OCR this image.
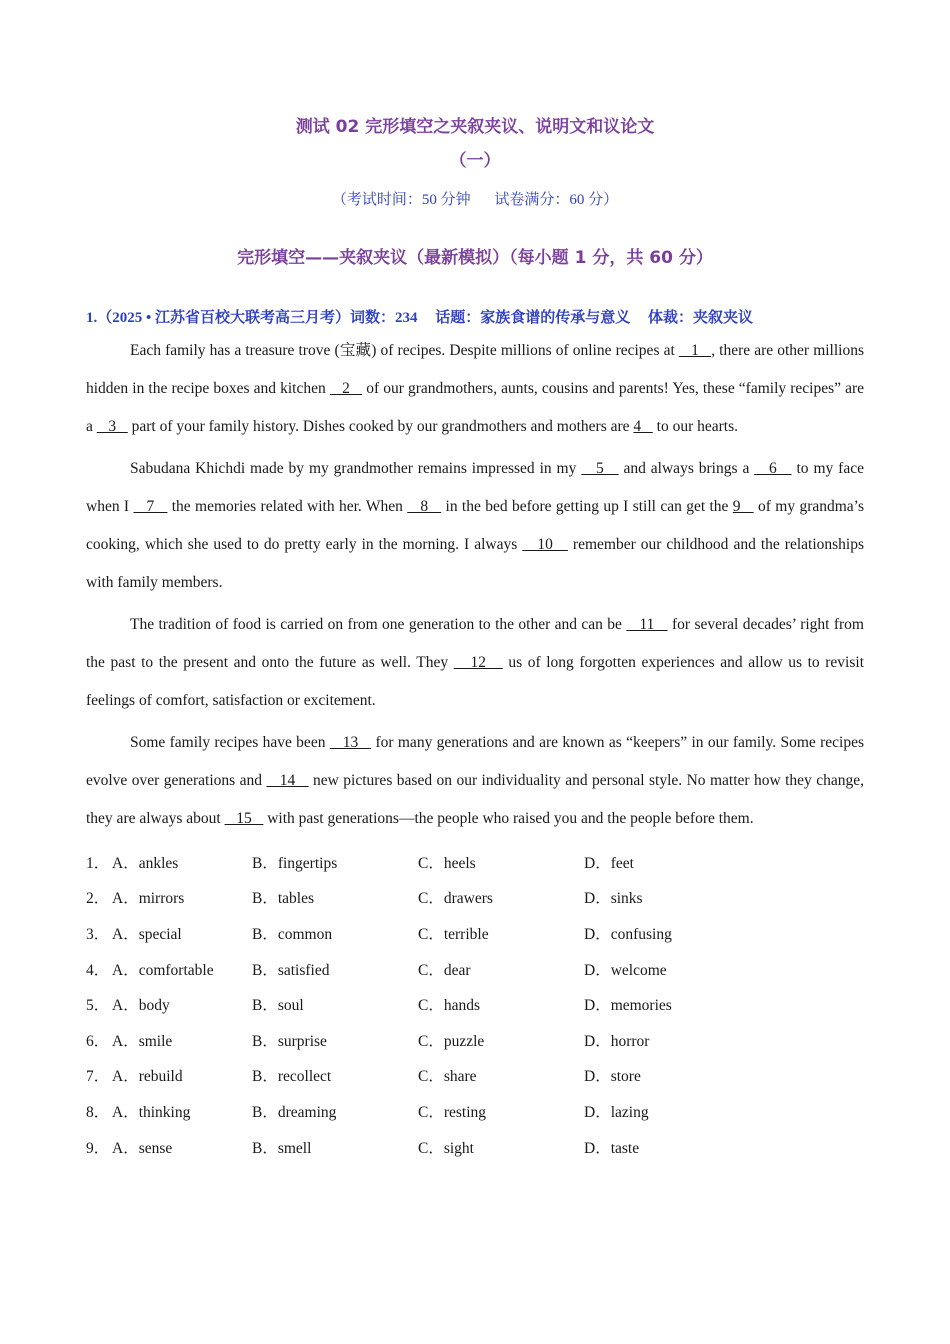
测试 02 完形填空之夹叙夹议、说明文和议论文
（一）
（考试时间：50 分钟 试卷满分：60 分）
完形填空——夹叙夹议（最新模拟）（每小题 1 分，共 60 分）
1.（2025 • 江苏省百校大联考高三月考）词数：234 话题：家族食谱的传承与意义 体裁：夹叙夹议

Each family has a treasure trove (宝藏) of recipes. Despite millions of online recipes at    1   , there are other millions hidden in the recipe boxes and kitchen    2    of our grandmothers, aunts, cousins and parents! Yes, these “family recipes” are a    3    part of your family history. Dishes cooked by our grandmothers and mothers are 4    to our hearts.

Sabudana Khichdi made by my grandmother remains impressed in my    5    and always brings a    6    to my face when I    7    the memories related with her. When    8    in the bed before getting up I still can get the 9    of my grandma’s cooking, which she used to do pretty early in the morning. I always    10    remember our childhood and the relationships with family members.

The tradition of food is carried on from one generation to the other and can be    11    for several decades’ right from the past to the present and onto the future as well. They    12    us of long forgotten experiences and allow us to revisit feelings of comfort, satisfaction or excitement.

Some family recipes have been    13    for many generations and are known as “keepers” in our family. Some recipes evolve over generations and    14    new pictures based on our individuality and personal style. No matter how they change, they are always about    15    with past generations—the people who raised you and the people before them.

1． A．ankles	B．fingertips	C．heels	D．feet
2． A．mirrors	B．tables	C．drawers	D．sinks
3． A．special	B．common	C．terrible	D．confusing
4． A．comfortable	B．satisfied	C．dear	D．welcome
5． A．body	B．soul	C．hands	D．memories
6． A．smile	B．surprise	C．puzzle	D．horror
7． A．rebuild	B．recollect	C．share	D．store
8． A．thinking	B．dreaming	C．resting	D．lazing
9． A．sense	B．smell	C．sight	D．taste
